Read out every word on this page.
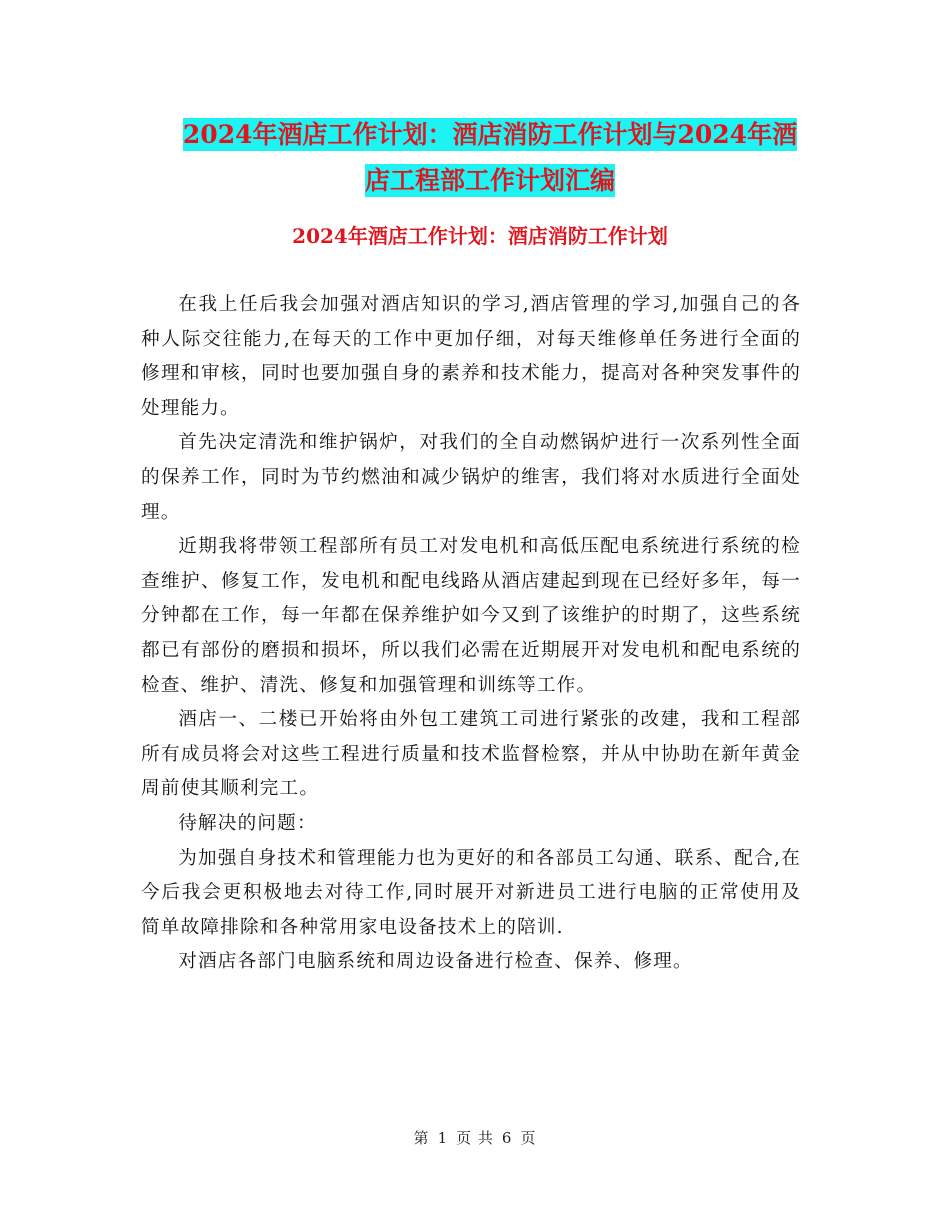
2024年酒店工作计划：酒店消防工作计划与2024年酒
店工程部工作计划汇编
2024年酒店工作计划：酒店消防工作计划

在我上任后我会加强对酒店知识的学习,酒店管理的学习,加强自己的各种人际交往能力,在每天的工作中更加仔细，对每天维修单任务进行全面的修理和审核，同时也要加强自身的素养和技术能力，提高对各种突发事件的处理能力。

首先决定清洗和维护锅炉，对我们的全自动燃锅炉进行一次系列性全面的保养工作，同时为节约燃油和减少锅炉的维害，我们将对水质进行全面处理。

近期我将带领工程部所有员工对发电机和高低压配电系统进行系统的检查维护、修复工作，发电机和配电线路从酒店建起到现在已经好多年，每一分钟都在工作，每一年都在保养维护如今又到了该维护的时期了，这些系统都已有部份的磨损和损坏，所以我们必需在近期展开对发电机和配电系统的检查、维护、清洗、修复和加强管理和训练等工作。

酒店一、二楼已开始将由外包工建筑工司进行紧张的改建，我和工程部所有成员将会对这些工程进行质量和技术监督检察，并从中协助在新年黄金周前使其顺利完工。

待解决的问题：

为加强自身技术和管理能力也为更好的和各部员工勾通、联系、配合,在今后我会更积极地去对待工作,同时展开对新进员工进行电脑的正常使用及简单故障排除和各种常用家电设备技术上的陪训.

对酒店各部门电脑系统和周边设备进行检查、保养、修理。

第 1 页 共 6 页
